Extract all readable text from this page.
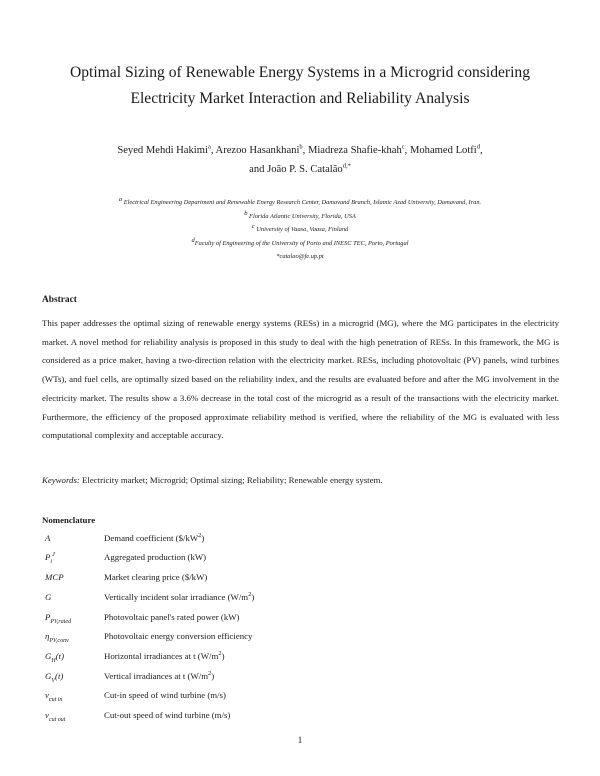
Optimal Sizing of Renewable Energy Systems in a Microgrid considering
Electricity Market Interaction and Reliability Analysis
Seyed Mehdi Hakimi$^a$, Arezoo Hasankhani$^b$, Miadreza Shafie-khah$^c$, Mohamed Lotfi$^d$,
and João P. S. Catalão$^{d,*}$
$^a$ Electrical Engineering Department and Renewable Energy Research Center, Damavand Branch, Islamic Azad University, Damavand, Iran.
$^b$ Florida Atlantic University, Florida, USA
$^c$ University of Vaasa, Vaasa, Finland
$^d$Faculty of Engineering of the University of Porto and INESC TEC, Porto, Portugal
*catalao@fe.up.pt
Abstract
This paper addresses the optimal sizing of renewable energy systems (RESs) in a microgrid (MG), where the MG participates in the electricity market. A novel method for reliability analysis is proposed in this study to deal with the high penetration of RESs. In this framework, the MG is considered as a price maker, having a two-direction relation with the electricity market. RESs, including photovoltaic (PV) panels, wind turbines (WTs), and fuel cells, are optimally sized based on the reliability index, and the results are evaluated before and after the MG involvement in the electricity market. The results show a 3.6% decrease in the total cost of the microgrid as a result of the transactions with the electricity market. Furthermore, the efficiency of the proposed approximate reliability method is verified, where the reliability of the MG is evaluated with less computational complexity and acceptable accuracy.
Keywords: Electricity market; Microgrid; Optimal sizing; Reliability; Renewable energy system.
Nomenclature
A	Demand coefficient $(\$/kW^2)$
$P_i^J$	Aggregated production (kW)
MCP	Market clearing price ($/kW)
G	Vertically incident solar irradiance $(W/m^2)$
$P_{PV,rated}$	Photovoltaic panel's rated power (kW)
$\eta_{PV,conv}$	Photovoltaic energy conversion efficiency
$G_H(t)$	Horizontal irradiances at t $(W/m^2)$
$G_V(t)$	Vertical irradiances at t $(W/m^2)$
$v_{cut in}$	Cut-in speed of wind turbine (m/s)
$v_{cut out}$	Cut-out speed of wind turbine (m/s)
1
